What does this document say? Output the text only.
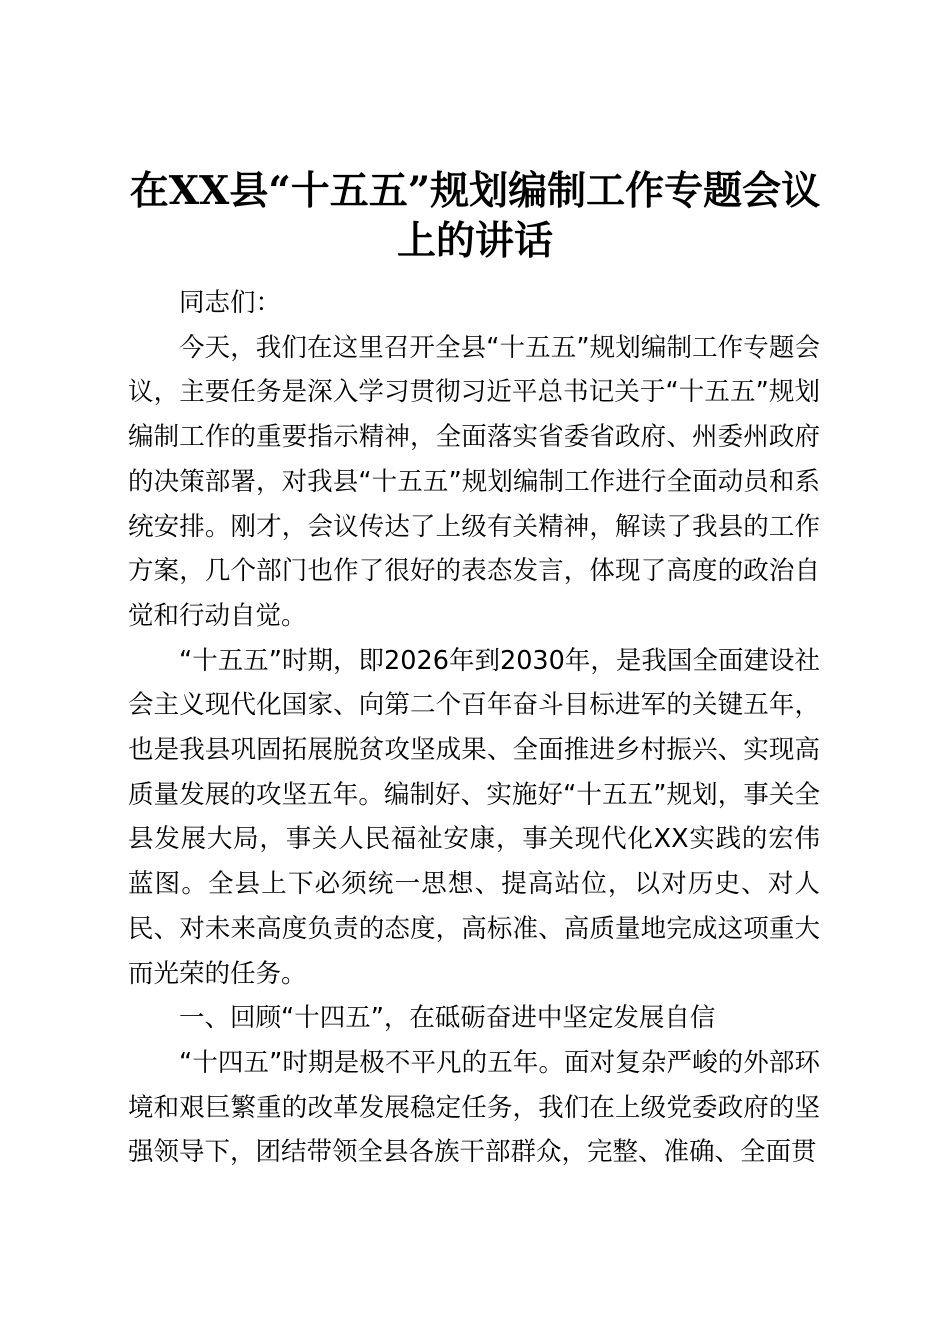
在XX县“十五五”规划编制工作专题会议上的讲话

同志们：

今天，我们在这里召开全县“十五五”规划编制工作专题会议，主要任务是深入学习贯彻习近平总书记关于“十五五”规划编制工作的重要指示精神，全面落实省委省政府、州委州政府的决策部署，对我县“十五五”规划编制工作进行全面动员和系统安排。刚才，会议传达了上级有关精神，解读了我县的工作方案，几个部门也作了很好的表态发言，体现了高度的政治自觉和行动自觉。

“十五五”时期，即2026年到2030年，是我国全面建设社会主义现代化国家、向第二个百年奋斗目标进军的关键五年，也是我县巩固拓展脱贫攻坚成果、全面推进乡村振兴、实现高质量发展的攻坚五年。编制好、实施好“十五五”规划，事关全县发展大局，事关人民福祉安康，事关现代化XX实践的宏伟蓝图。全县上下必须统一思想、提高站位，以对历史、对人民、对未来高度负责的态度，高标准、高质量地完成这项重大而光荣的任务。

一、回顾“十四五”，在砥砺奋进中坚定发展自信

“十四五”时期是极不平凡的五年。面对复杂严峻的外部环境和艰巨繁重的改革发展稳定任务，我们在上级党委政府的坚强领导下，团结带领全县各族干部群众，完整、准确、全面贯
